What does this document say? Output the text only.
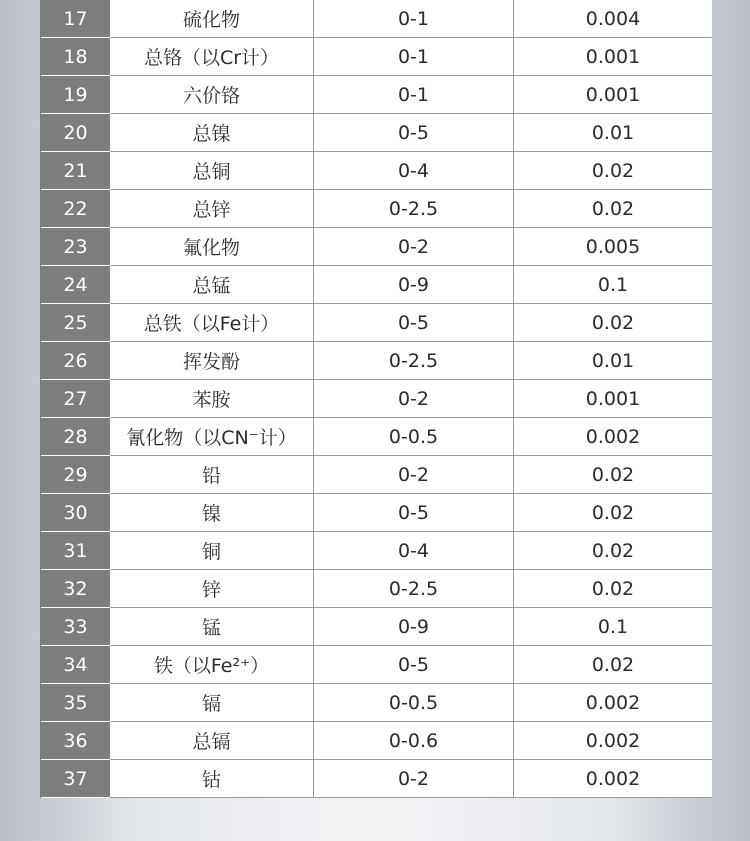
17	硫化物	0-1	0.004
18	总铬（以Cr计）	0-1	0.001
19	六价铬	0-1	0.001
20	总镍	0-5	0.01
21	总铜	0-4	0.02
22	总锌	0-2.5	0.02
23	氟化物	0-2	0.005
24	总锰	0-9	0.1
25	总铁（以Fe计）	0-5	0.02
26	挥发酚	0-2.5	0.01
27	苯胺	0-2	0.001
28	氰化物（以CN⁻计）	0-0.5	0.002
29	铅	0-2	0.02
30	镍	0-5	0.02
31	铜	0-4	0.02
32	锌	0-2.5	0.02
33	锰	0-9	0.1
34	铁（以Fe²⁺）	0-5	0.02
35	镉	0-0.5	0.002
36	总镉	0-0.6	0.002
37	钴	0-2	0.002
